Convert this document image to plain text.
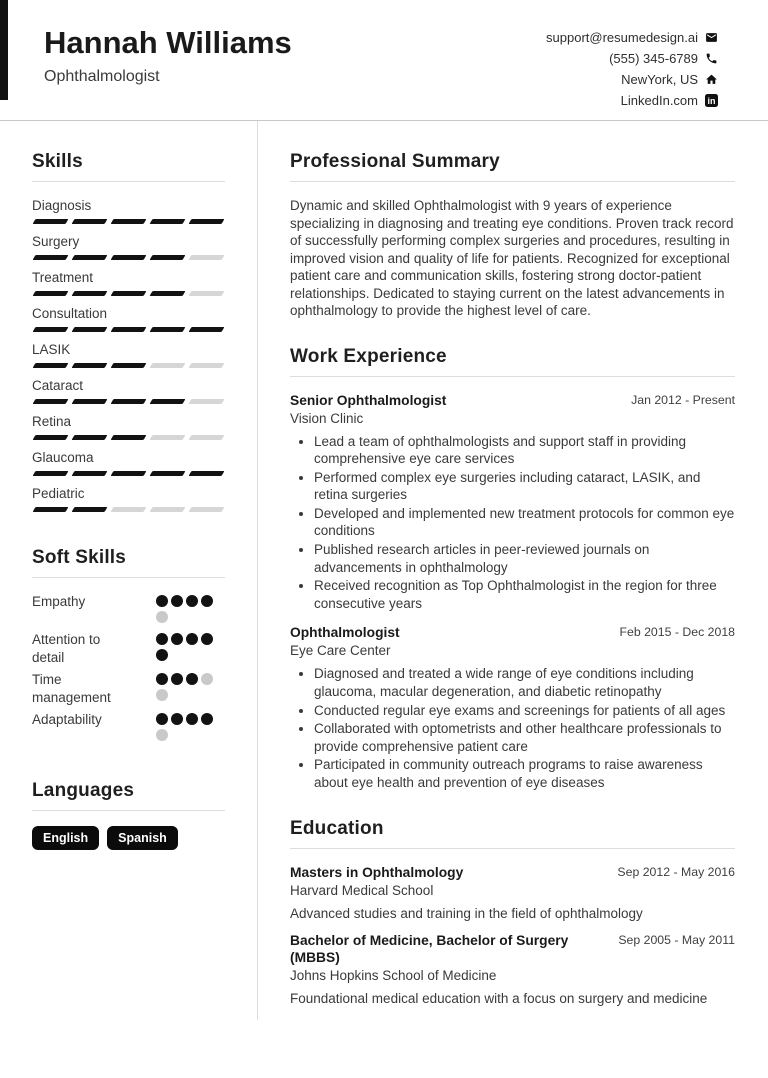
Hannah Williams
Ophthalmologist
support@resumedesign.ai
(555) 345-6789
NewYork, US
LinkedIn.com in
Skills
Diagnosis
Surgery
Treatment
Consultation
LASIK
Cataract
Retina
Glaucoma
Pediatric
Soft Skills
Empathy
Attention to detail
Time management
Adaptability
Languages
English	Spanish
Professional Summary

Dynamic and skilled Ophthalmologist with 9 years of experience specializing in diagnosing and treating eye conditions. Proven track record of successfully performing complex surgeries and procedures, resulting in improved vision and quality of life for patients. Recognized for exceptional patient care and communication skills, fostering strong doctor-patient relationships. Dedicated to staying current on the latest advancements in ophthalmology to provide the highest level of care.

Work Experience
Senior Ophthalmologist	Jan 2012 - Present
Vision Clinic
• Lead a team of ophthalmologists and support staff in providing comprehensive eye care services
• Performed complex eye surgeries including cataract, LASIK, and retina surgeries
• Developed and implemented new treatment protocols for common eye conditions
• Published research articles in peer-reviewed journals on advancements in ophthalmology
• Received recognition as Top Ophthalmologist in the region for three consecutive years
Ophthalmologist	Feb 2015 - Dec 2018
Eye Care Center
• Diagnosed and treated a wide range of eye conditions including glaucoma, macular degeneration, and diabetic retinopathy
• Conducted regular eye exams and screenings for patients of all ages
• Collaborated with optometrists and other healthcare professionals to provide comprehensive patient care
• Participated in community outreach programs to raise awareness about eye health and prevention of eye diseases
Education
Masters in Ophthalmology	Sep 2012 - May 2016
Harvard Medical School
Advanced studies and training in the field of ophthalmology
Bachelor of Medicine, Bachelor of Surgery (MBBS)
Sep 2005 - May 2011
Johns Hopkins School of Medicine
Foundational medical education with a focus on surgery and medicine
